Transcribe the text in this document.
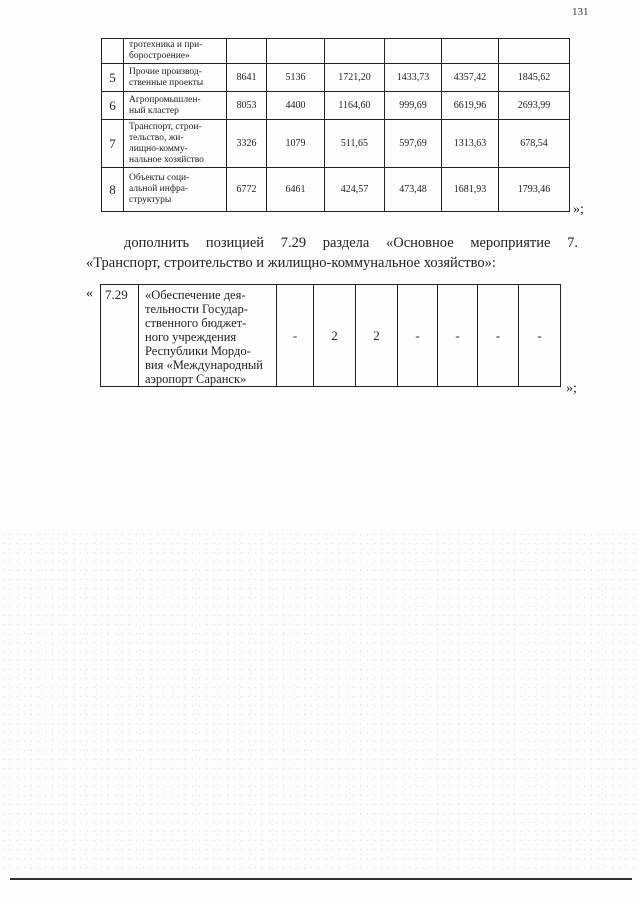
131
	тротехника и при-
боростроение»						
5	Прочие производ-
ственные проекты	8641	5136	1721,20	1433,73	4357,42	1845,62
6	Агропромышлен-
ный кластер	8053	4400	1164,60	999,69	6619,96	2693,99
7	Транспорт, строи-
тельство, жи-
лищно-комму-
нальное хозяйство	3326	1079	511,65	597,69	1313,63	678,54
8	Объекты соци-
альной инфра-
структуры	6772	6461	424,57	473,48	1681,93	1793,46
»;
дополнить позицией 7.29 раздела «Основное мероприятие 7.
«Транспорт, строительство и жилищно-коммунальное хозяйство»:
« 7.29	«Обеспечение дея-
тельности Государ-
ственного бюджет-
ного учреждения
Республики Мордо-
вия «Международный
аэропорт Саранск»	-	2	2	-	-	-	-
»;
